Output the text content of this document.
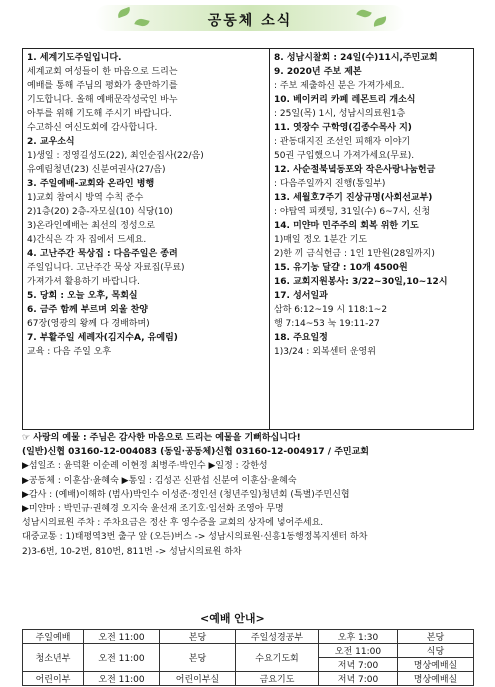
공동체 소식
1. 세계기도주일입니다.
세계교회 여성들이 한 마음으로 드리는
예배를 통해 주님의 평화가 충만하기를
기도합니다. 올해 예배문작성국인 바누
아투를 위해 기도해 주시기 바랍니다.
수고하신 여신도회에 감사합니다.
2. 교우소식
1)생일 : 정영길성도(22), 최인순집사(22/음)
유예림청년(23) 신분여권사(27/음)
3. 주일예배-교회와 온라인 병행
1)교회 참여시 방역 수칙 준수
2)1층(20) 2층-자모실(10) 식당(10)
3)온라인예배는 최선의 정성으로
4)간식은 각 자 집에서 드세요.
4. 고난주간 묵상집 : 다음주일은 종려
주일입니다. 고난주간 묵상 자료집(무료)
가져가셔 활용하기 바랍니다.
5. 당회 : 오늘 오후, 목회실
6. 금주 함께 부르며 외울 찬양
67장(영광의 왕께 다 경배하며)
7. 부활주일 세례자(김지수A, 유예림)
교육 : 다음 주일 오후
8. 성남시찰회 : 24일(수)11시,주민교회
9. 2020년 주보 제본
: 주보 제출하신 분은 가져가세요.
10. 베이커리 카페 레몬트리 개소식
: 25일(목) 1시, 성남시의료원1층
11. 엿장수 구학영(김종수목사 지)
: 관동대지진 조선인 피해자 이야기
50권 구입했으니 가져가세요(무료).
12. 사순절북녘동포와 작은사랑나눔헌금
: 다음주일까지 진행(통일부)
13. 세월호7주기 진상규명(사회선교부)
: 야탑역 피켓팅, 31일(수) 6~7시, 신청
14. 미얀마 민주주의 회복 위한 기도
1)매일 정오 1분간 기도
2)한 끼 금식헌금 : 1인 1만원(28일까지)
15. 유기농 달걀 : 10개 4500원
16. 교회지원봉사: 3/22~30일,10~12시
17. 성서일과
삼하 6:12~19 시 118:1~2
행 7:14~53 눅 19:11-27
18. 주요일정
1)3/24 : 외복센터 운영위
☞ 사랑의 예물 : 주님은 감사한 마음으로 드리는 예물을 기뻐하십니다!
(일반)신협 03160-12-004083 (동일·공동체)신협 03160-12-004917 / 주민교회
▶섬일조 : 윤덕환 이순례 이현정 최병주·박인수 ▶일정 : 강한성
▶공동체 : 이훈삼·윤혜숙 ▶통일 : 김성곤 신판섭 신분여 이훈삼·윤혜숙
▶감사 : (예배)이해하 (범사)박인수 이성준·정인선 (청년주일)청년회 (특별)주민신협
▶미얀마 : 박민규·권혜경 오지숙 윤선재 조기호·임선화 조영아 무명
성남시의료원 주차 : 주차요금은 정산 후 영수증을 교회의 상자에 넣어주세요.
대중교통 : 1)태평역3번 출구 앞 (오든)버스 -> 성남시의료원·신흥1동행정복지센터 하차
2)3-6번, 10-2번, 810번, 811번 -> 성남시의료원 하차
<예배 안내>
주일예배	오전 11:00	본당	주일성경공부	오후 1:30	본당
청소년부	오전 11:00	본당	수요기도회	오전 11:00	식당
				저녁 7:00	명상예배실
어린이부	오전 11:00	어린이부실	금요기도	저녁 7:00	명상예배실
